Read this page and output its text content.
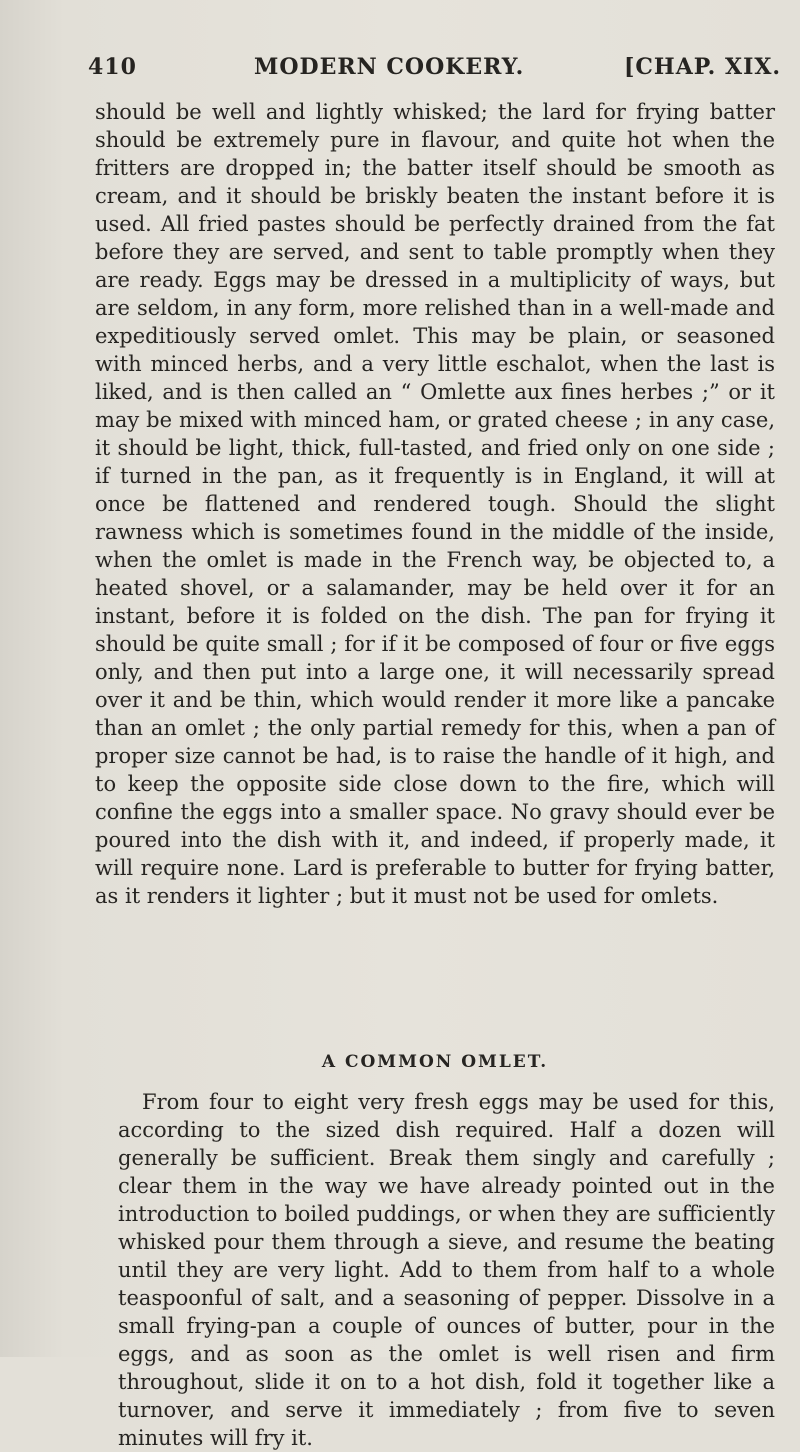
410	MODERN COOKERY.	[CHAP. XIX.

should be well and lightly whisked; the lard for frying batter should be extremely pure in flavour, and quite hot when the fritters are dropped in; the batter itself should be smooth as cream, and it should be briskly beaten the instant before it is used. All fried pastes should be perfectly drained from the fat before they are served, and sent to table promptly when they are ready. Eggs may be dressed in a multiplicity of ways, but are seldom, in any form, more relished than in a well-made and expeditiously served omlet. This may be plain, or seasoned with minced herbs, and a very little eschalot, when the last is liked, and is then called an “ Omlette aux fines herbes ;” or it may be mixed with minced ham, or grated cheese ; in any case, it should be light, thick, full-tasted, and fried only on one side ; if turned in the pan, as it frequently is in England, it will at once be flattened and rendered tough. Should the slight rawness which is sometimes found in the middle of the inside, when the omlet is made in the French way, be objected to, a heated shovel, or a salamander, may be held over it for an instant, before it is folded on the dish. The pan for frying it should be quite small ; for if it be composed of four or five eggs only, and then put into a large one, it will necessarily spread over it and be thin, which would render it more like a pancake than an omlet ; the only partial remedy for this, when a pan of proper size cannot be had, is to raise the handle of it high, and to keep the opposite side close down to the fire, which will confine the eggs into a smaller space. No gravy should ever be poured into the dish with it, and indeed, if properly made, it will require none. Lard is preferable to butter for frying batter, as it renders it lighter ; but it must not be used for omlets.

A COMMON OMLET.

From four to eight very fresh eggs may be used for this, according to the sized dish required. Half a dozen will generally be sufficient. Break them singly and carefully ; clear them in the way we have already pointed out in the introduction to boiled puddings, or when they are sufficiently whisked pour them through a sieve, and resume the beating until they are very light. Add to them from half to a whole teaspoonful of salt, and a seasoning of pepper. Dissolve in a small frying-pan a couple of ounces of butter, pour in the eggs, and as soon as the omlet is well risen and firm throughout, slide it on to a hot dish, fold it together like a turnover, and serve it immediately ; from five to seven minutes will fry it.
